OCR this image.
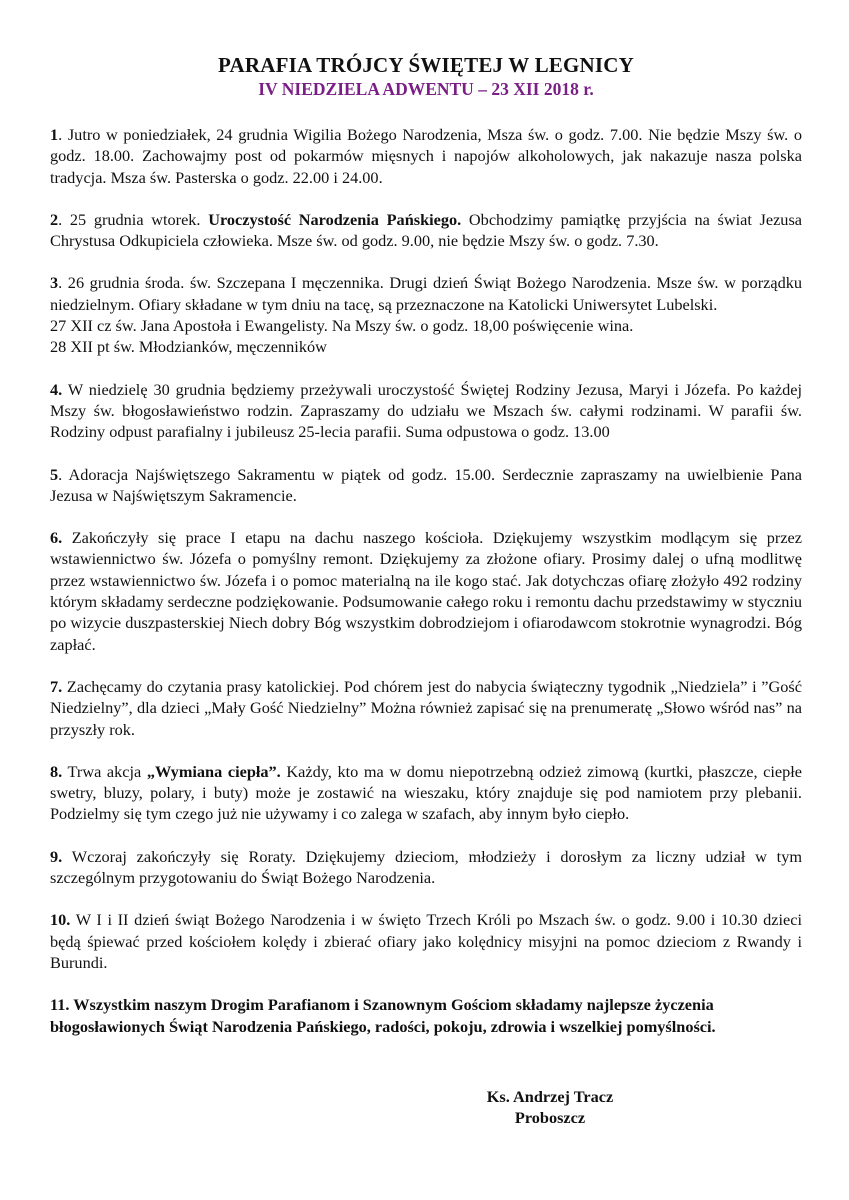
PARAFIA TRÓJCY ŚWIĘTEJ W LEGNICY
IV NIEDZIELA ADWENTU – 23 XII 2018 r.

1. Jutro w poniedziałek, 24 grudnia Wigilia Bożego Narodzenia, Msza św. o godz. 7.00. Nie będzie Mszy św. o godz. 18.00. Zachowajmy post od pokarmów mięsnych i napojów alkoholowych, jak nakazuje nasza polska tradycja. Msza św. Pasterska o godz. 22.00 i 24.00.

2. 25 grudnia wtorek. Uroczystość Narodzenia Pańskiego. Obchodzimy pamiątkę przyjścia na świat Jezusa Chrystusa Odkupiciela człowieka. Msze św. od godz. 9.00, nie będzie Mszy św. o godz. 7.30.

3. 26 grudnia środa. św. Szczepana I męczennika. Drugi dzień Świąt Bożego Narodzenia. Msze św. w porządku niedzielnym. Ofiary składane w tym dniu na tacę, są przeznaczone na Katolicki Uniwersytet Lubelski.
27 XII cz św. Jana Apostoła i Ewangelisty. Na Mszy św. o godz. 18,00 poświęcenie wina.
28 XII pt św. Młodzianków, męczenników

4. W niedzielę 30 grudnia będziemy przeżywali uroczystość Świętej Rodziny Jezusa, Maryi i Józefa. Po każdej Mszy św. błogosławieństwo rodzin. Zapraszamy do udziału we Mszach św. całymi rodzinami. W parafii św. Rodziny odpust parafialny i jubileusz 25-lecia parafii. Suma odpustowa o godz. 13.00

5. Adoracja Najświętszego Sakramentu w piątek od godz. 15.00. Serdecznie zapraszamy na uwielbienie Pana Jezusa w Najświętszym Sakramencie.

6. Zakończyły się prace I etapu na dachu naszego kościoła. Dziękujemy wszystkim modlącym się przez wstawiennictwo św. Józefa o pomyślny remont. Dziękujemy za złożone ofiary. Prosimy dalej o ufną modlitwę przez wstawiennictwo św. Józefa i o pomoc materialną na ile kogo stać. Jak dotychczas ofiarę złożyło 492 rodziny którym składamy serdeczne podziękowanie. Podsumowanie całego roku i remontu dachu przedstawimy w styczniu po wizycie duszpasterskiej Niech dobry Bóg wszystkim dobrodziejom i ofiarodawcom stokrotnie wynagrodzi. Bóg zapłać.

7. Zachęcamy do czytania prasy katolickiej. Pod chórem jest do nabycia świąteczny tygodnik „Niedziela” i ”Gość Niedzielny”, dla dzieci „Mały Gość Niedzielny” Można również zapisać się na prenumeratę „Słowo wśród nas” na przyszły rok.

8. Trwa akcja „Wymiana ciepła”. Każdy, kto ma w domu niepotrzebną odzież zimową (kurtki, płaszcze, ciepłe swetry, bluzy, polary, i buty) może je zostawić na wieszaku, który znajduje się pod namiotem przy plebanii. Podzielmy się tym czego już nie używamy i co zalega w szafach, aby innym było ciepło.

9. Wczoraj zakończyły się Roraty. Dziękujemy dzieciom, młodzieży i dorosłym za liczny udział w tym szczególnym przygotowaniu do Świąt Bożego Narodzenia.

10. W I i II dzień świąt Bożego Narodzenia i w święto Trzech Króli po Mszach św. o godz. 9.00 i 10.30 dzieci będą śpiewać przed kościołem kolędy i zbierać ofiary jako kolędnicy misyjni na pomoc dzieciom z Rwandy i Burundi.

11. Wszystkim naszym Drogim Parafianom i Szanownym Gościom składamy najlepsze życzenia błogosławionych Świąt Narodzenia Pańskiego, radości, pokoju, zdrowia i wszelkiej pomyślności.

Ks. Andrzej Tracz
Proboszcz
